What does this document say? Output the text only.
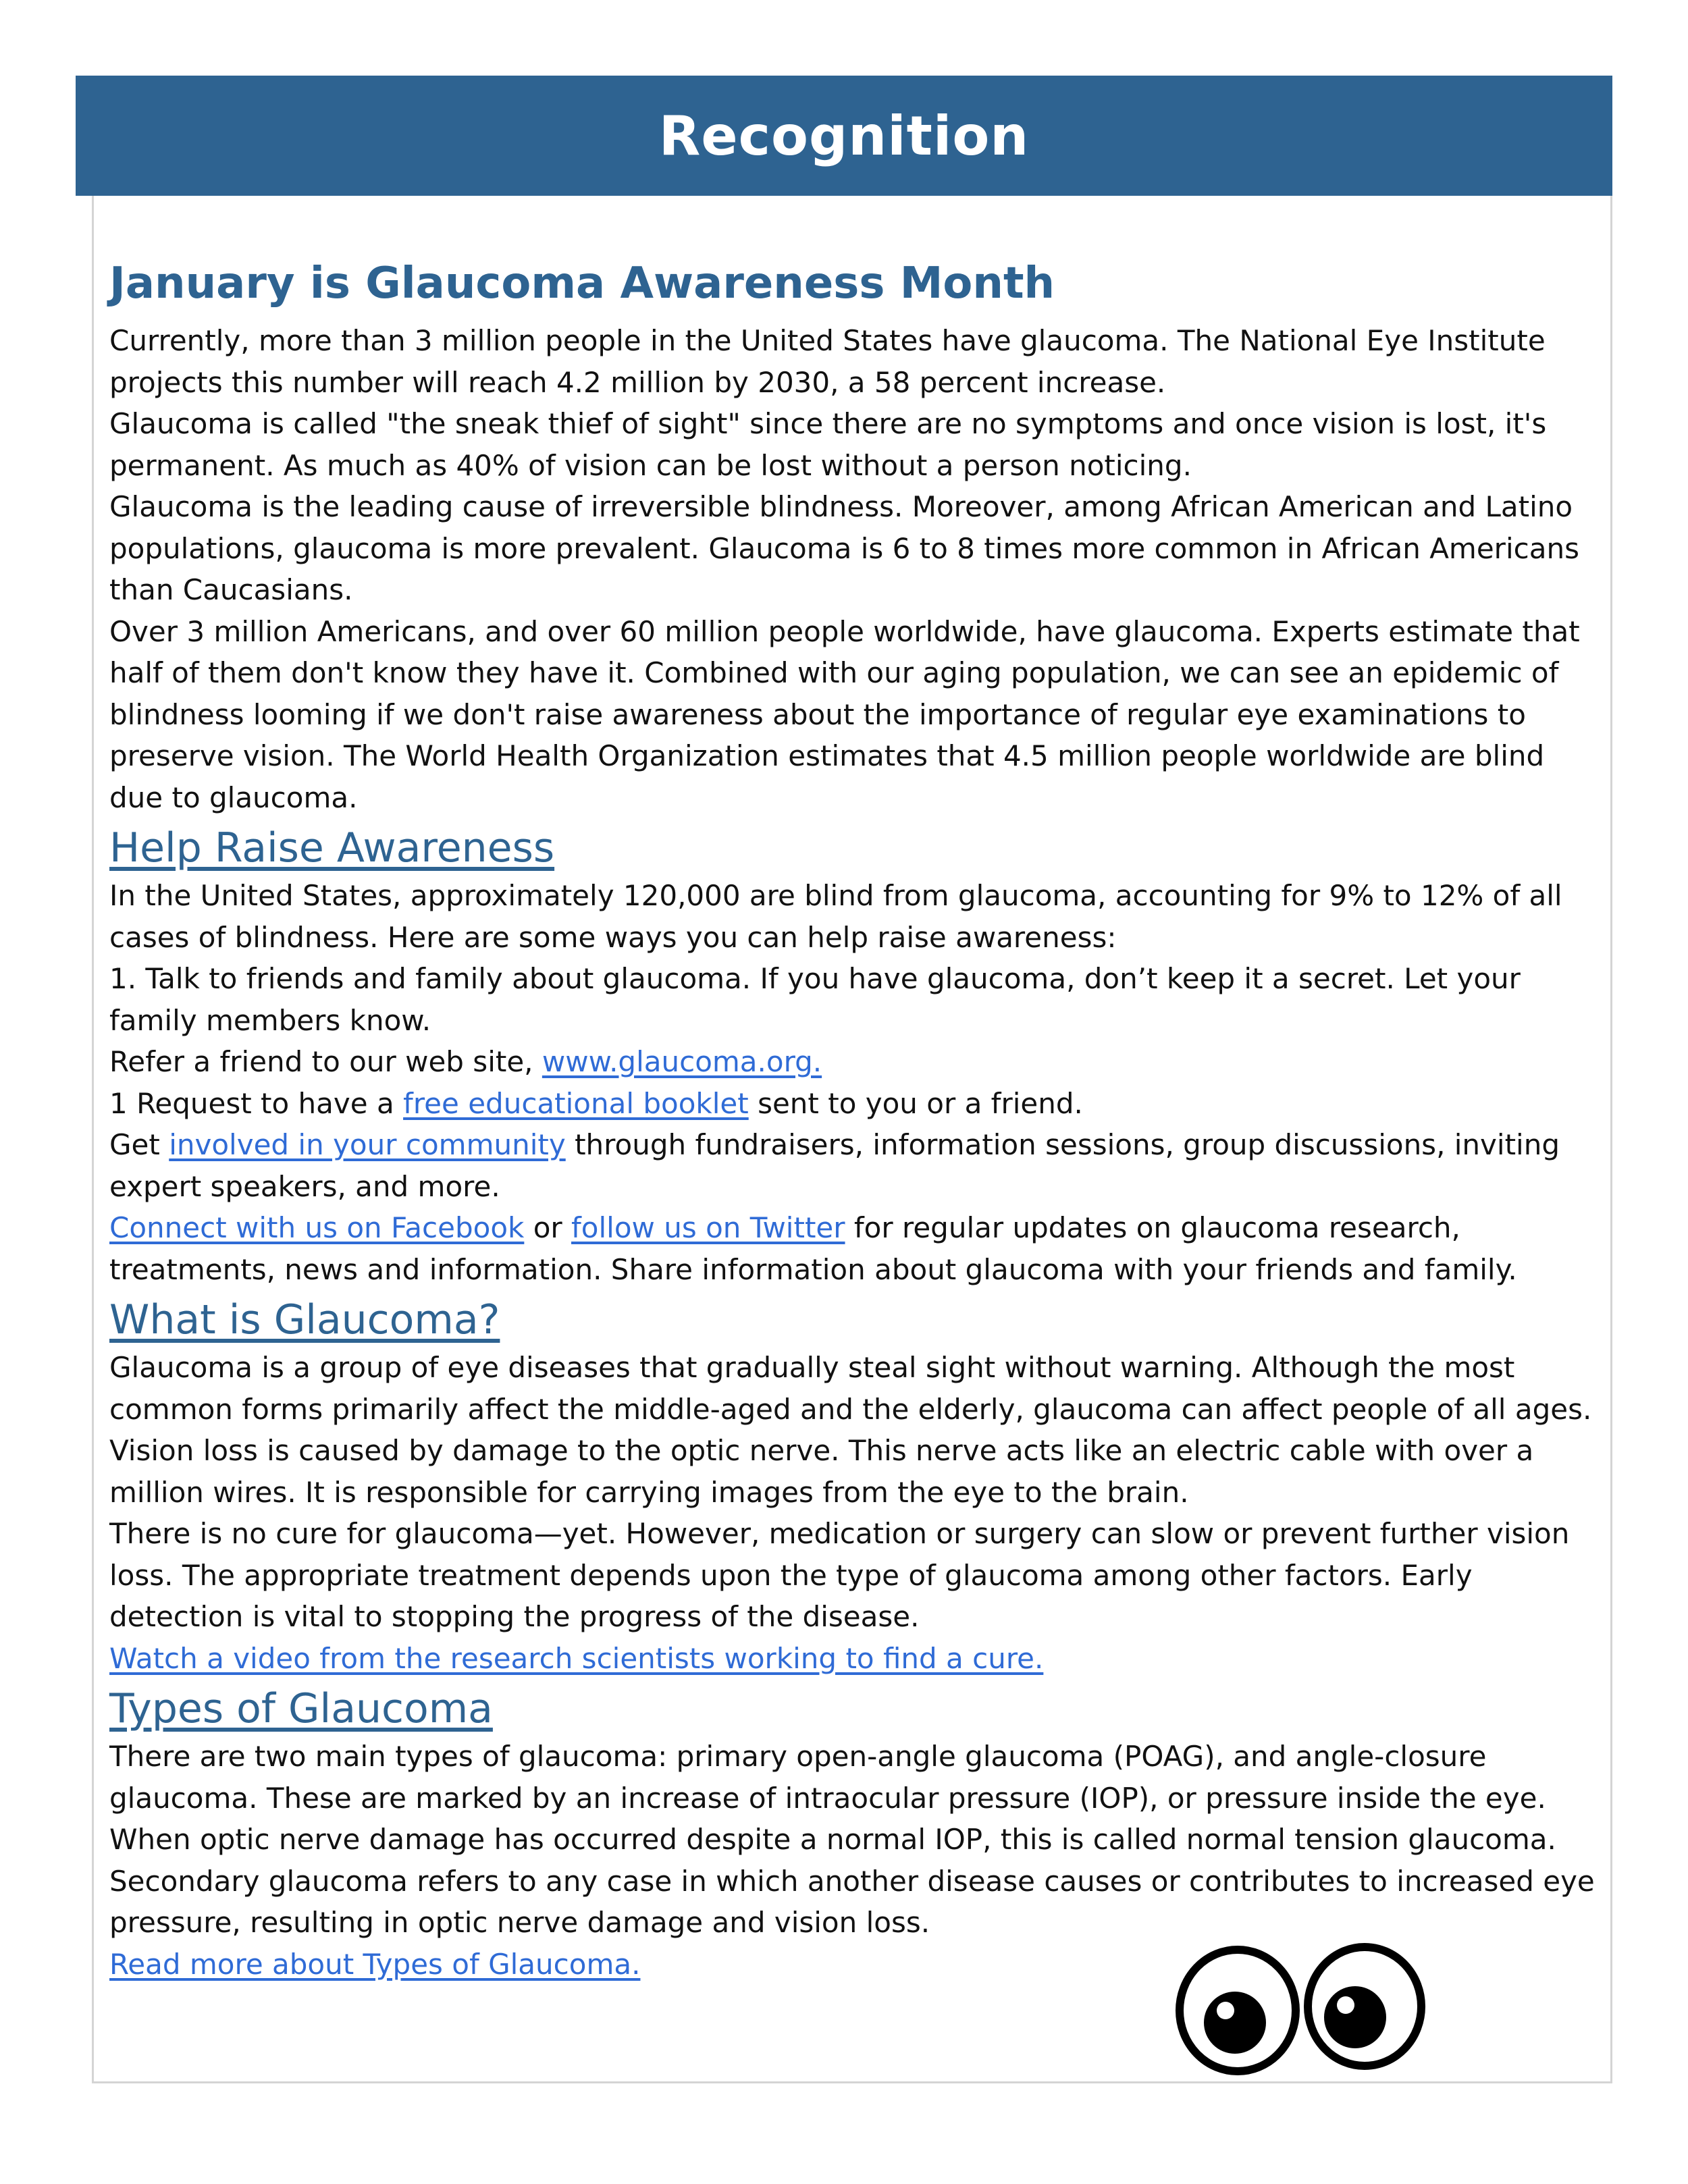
Recognition
January is Glaucoma Awareness Month

Currently, more than 3 million people in the United States have glaucoma. The National Eye Institute projects this number will reach 4.2 million by 2030, a 58 percent increase.

Glaucoma is called "the sneak thief of sight" since there are no symptoms and once vision is lost, it's permanent. As much as 40% of vision can be lost without a person noticing.

Glaucoma is the leading cause of irreversible blindness. Moreover, among African American and Latino populations, glaucoma is more prevalent. Glaucoma is 6 to 8 times more common in African Americans than Caucasians.

Over 3 million Americans, and over 60 million people worldwide, have glaucoma. Experts estimate that half of them don't know they have it. Combined with our aging population, we can see an epidemic of blindness looming if we don't raise awareness about the importance of regular eye examinations to preserve vision. The World Health Organization estimates that 4.5 million people worldwide are blind due to glaucoma.

Help Raise Awareness

In the United States, approximately 120,000 are blind from glaucoma, accounting for 9% to 12% of all cases of blindness. Here are some ways you can help raise awareness:

1. Talk to friends and family about glaucoma. If you have glaucoma, don’t keep it a secret. Let your family members know.

Refer a friend to our web site, www.glaucoma.org.

1 Request to have a free educational booklet sent to you or a friend.

Get involved in your community through fundraisers, information sessions, group discussions, inviting expert speakers, and more.

Connect with us on Facebook or follow us on Twitter for regular updates on glaucoma research, treatments, news and information. Share information about glaucoma with your friends and family.

What is Glaucoma?

Glaucoma is a group of eye diseases that gradually steal sight without warning. Although the most common forms primarily affect the middle-aged and the elderly, glaucoma can affect people of all ages.

Vision loss is caused by damage to the optic nerve. This nerve acts like an electric cable with over a million wires. It is responsible for carrying images from the eye to the brain.

There is no cure for glaucoma—yet. However, medication or surgery can slow or prevent further vision loss. The appropriate treatment depends upon the type of glaucoma among other factors. Early detection is vital to stopping the progress of the disease.

Watch a video from the research scientists working to find a cure.

Types of Glaucoma

There are two main types of glaucoma: primary open-angle glaucoma (POAG), and angle-closure glaucoma. These are marked by an increase of intraocular pressure (IOP), or pressure inside the eye. When optic nerve damage has occurred despite a normal IOP, this is called normal tension glaucoma. Secondary glaucoma refers to any case in which another disease causes or contributes to increased eye pressure, resulting in optic nerve damage and vision loss.

Read more about Types of Glaucoma.
